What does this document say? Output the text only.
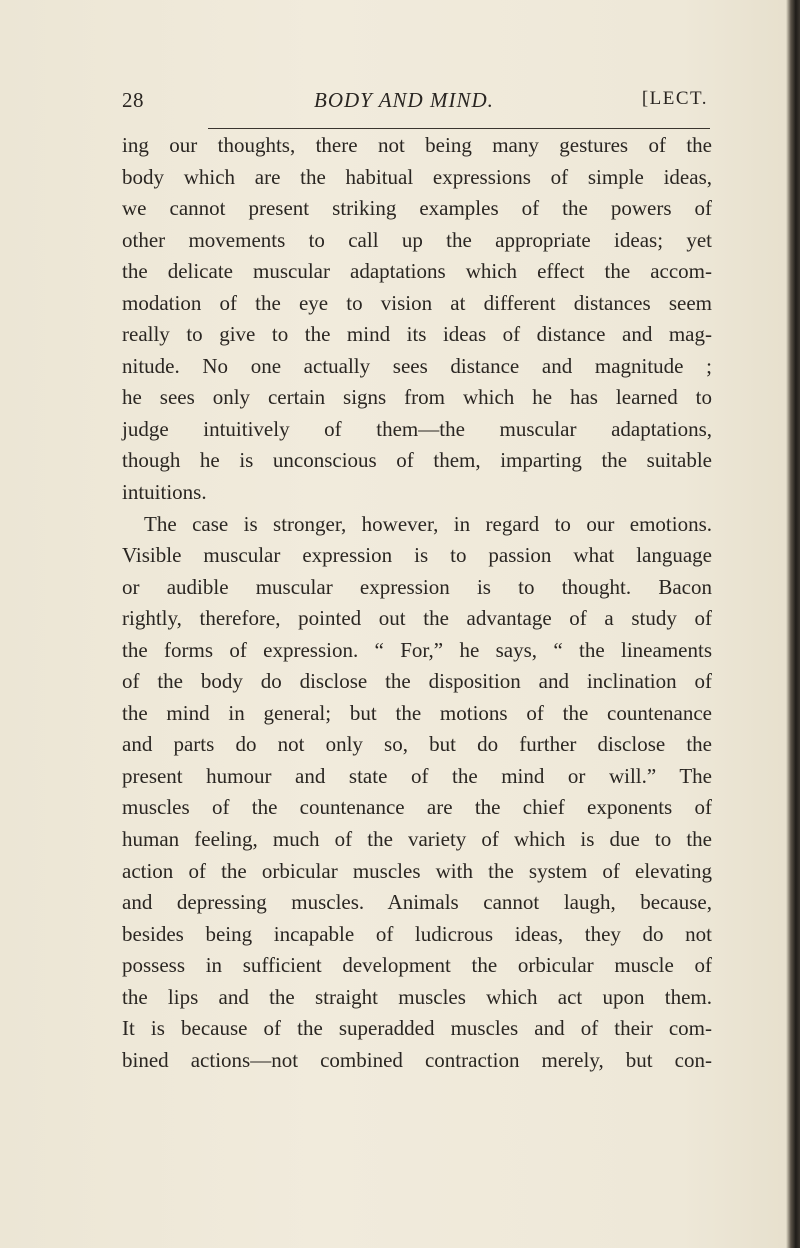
28	BODY AND MIND.	[LECT.
ing our thoughts, there not being many gestures of the
body which are the habitual expressions of simple ideas,
we cannot present striking examples of the powers of
other movements to call up the appropriate ideas; yet
the delicate muscular adaptations which effect the accom-
modation of the eye to vision at different distances seem
really to give to the mind its ideas of distance and mag-
nitude. No one actually sees distance and magnitude ;
he sees only certain signs from which he has learned to
judge intuitively of them—the muscular adaptations,
though he is unconscious of them, imparting the suitable
intuitions.
The case is stronger, however, in regard to our emotions.
Visible muscular expression is to passion what language
or audible muscular expression is to thought. Bacon
rightly, therefore, pointed out the advantage of a study of
the forms of expression. “ For,” he says, “ the lineaments
of the body do disclose the disposition and inclination of
the mind in general; but the motions of the countenance
and parts do not only so, but do further disclose the
present humour and state of the mind or will.” The
muscles of the countenance are the chief exponents of
human feeling, much of the variety of which is due to the
action of the orbicular muscles with the system of elevating
and depressing muscles. Animals cannot laugh, because,
besides being incapable of ludicrous ideas, they do not
possess in sufficient development the orbicular muscle of
the lips and the straight muscles which act upon them.
It is because of the superadded muscles and of their com-
bined actions—not combined contraction merely, but con-
